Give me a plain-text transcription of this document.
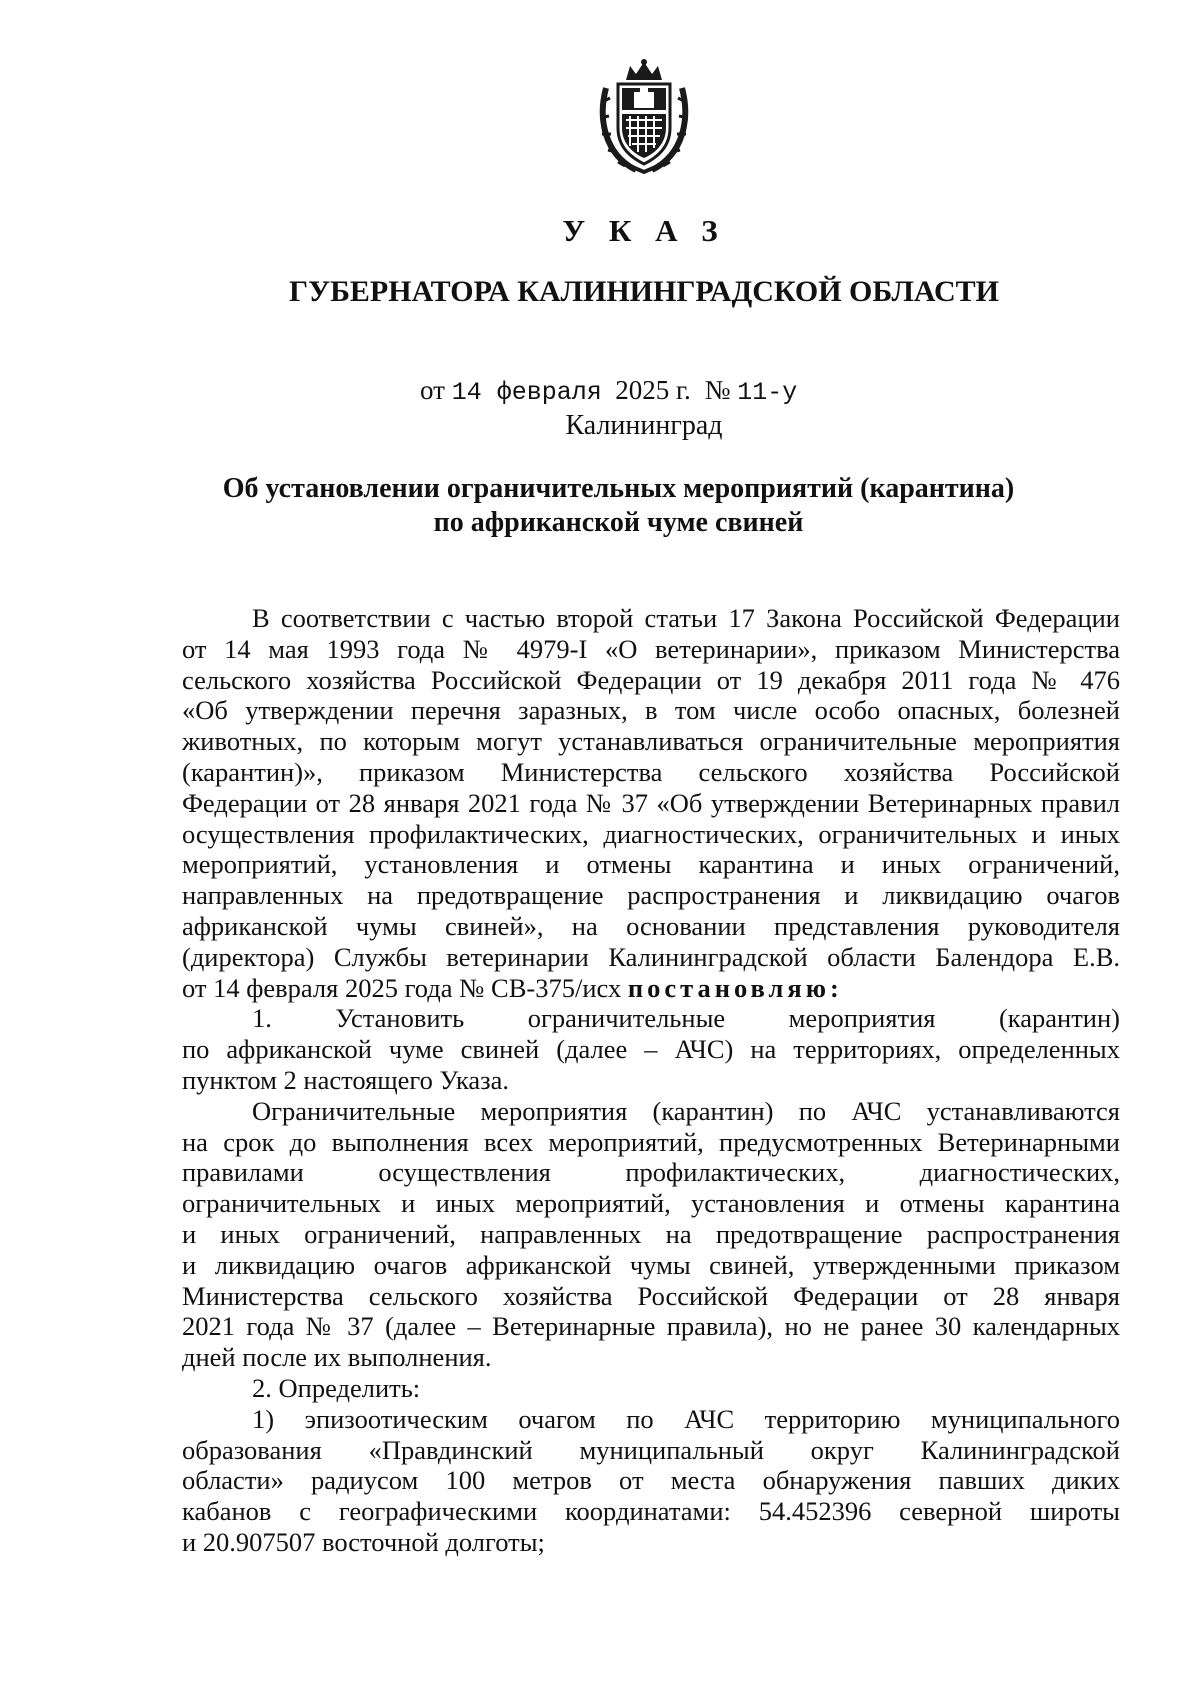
У К А З
ГУБЕРНАТОРА КАЛИНИНГРАДСКОЙ ОБЛАСТИ
от 14 февраля 2025 г. № 11-у
Калининград
Об установлении ограничительных мероприятий (карантина)
по африканской чуме свиней

В соответствии с частью второй статьи 17 Закона Российской Федерации

от 14 мая 1993 года № 4979-I «О ветеринарии», приказом Министерства

сельского хозяйства Российской Федерации от 19 декабря 2011 года № 476

«Об утверждении перечня заразных, в том числе особо опасных, болезней

животных, по которым могут устанавливаться ограничительные мероприятия

(карантин)», приказом Министерства сельского хозяйства Российской

Федерации от 28 января 2021 года № 37 «Об утверждении Ветеринарных правил

осуществления профилактических, диагностических, ограничительных и иных

мероприятий, установления и отмены карантина и иных ограничений,

направленных на предотвращение распространения и ликвидацию очагов

африканской чумы свиней», на основании представления руководителя

(директора) Службы ветеринарии Калининградской области Балендора Е.В.

от 14 февраля 2025 года № СВ-375/исх постановляю:

1. Установить ограничительные мероприятия (карантин)

по африканской чуме свиней (далее – АЧС) на территориях, определенных

пунктом 2 настоящего Указа.

Ограничительные мероприятия (карантин) по АЧС устанавливаются

на срок до выполнения всех мероприятий, предусмотренных Ветеринарными

правилами осуществления профилактических, диагностических,

ограничительных и иных мероприятий, установления и отмены карантина

и иных ограничений, направленных на предотвращение распространения

и ликвидацию очагов африканской чумы свиней, утвержденными приказом

Министерства сельского хозяйства Российской Федерации от 28 января

2021 года № 37 (далее – Ветеринарные правила), но не ранее 30 календарных

дней после их выполнения.

2. Определить:

1) эпизоотическим очагом по АЧС территорию муниципального

образования «Правдинский муниципальный округ Калининградской

области» радиусом 100 метров от места обнаружения павших диких

кабанов с географическими координатами: 54.452396 северной широты

и 20.907507 восточной долготы;
